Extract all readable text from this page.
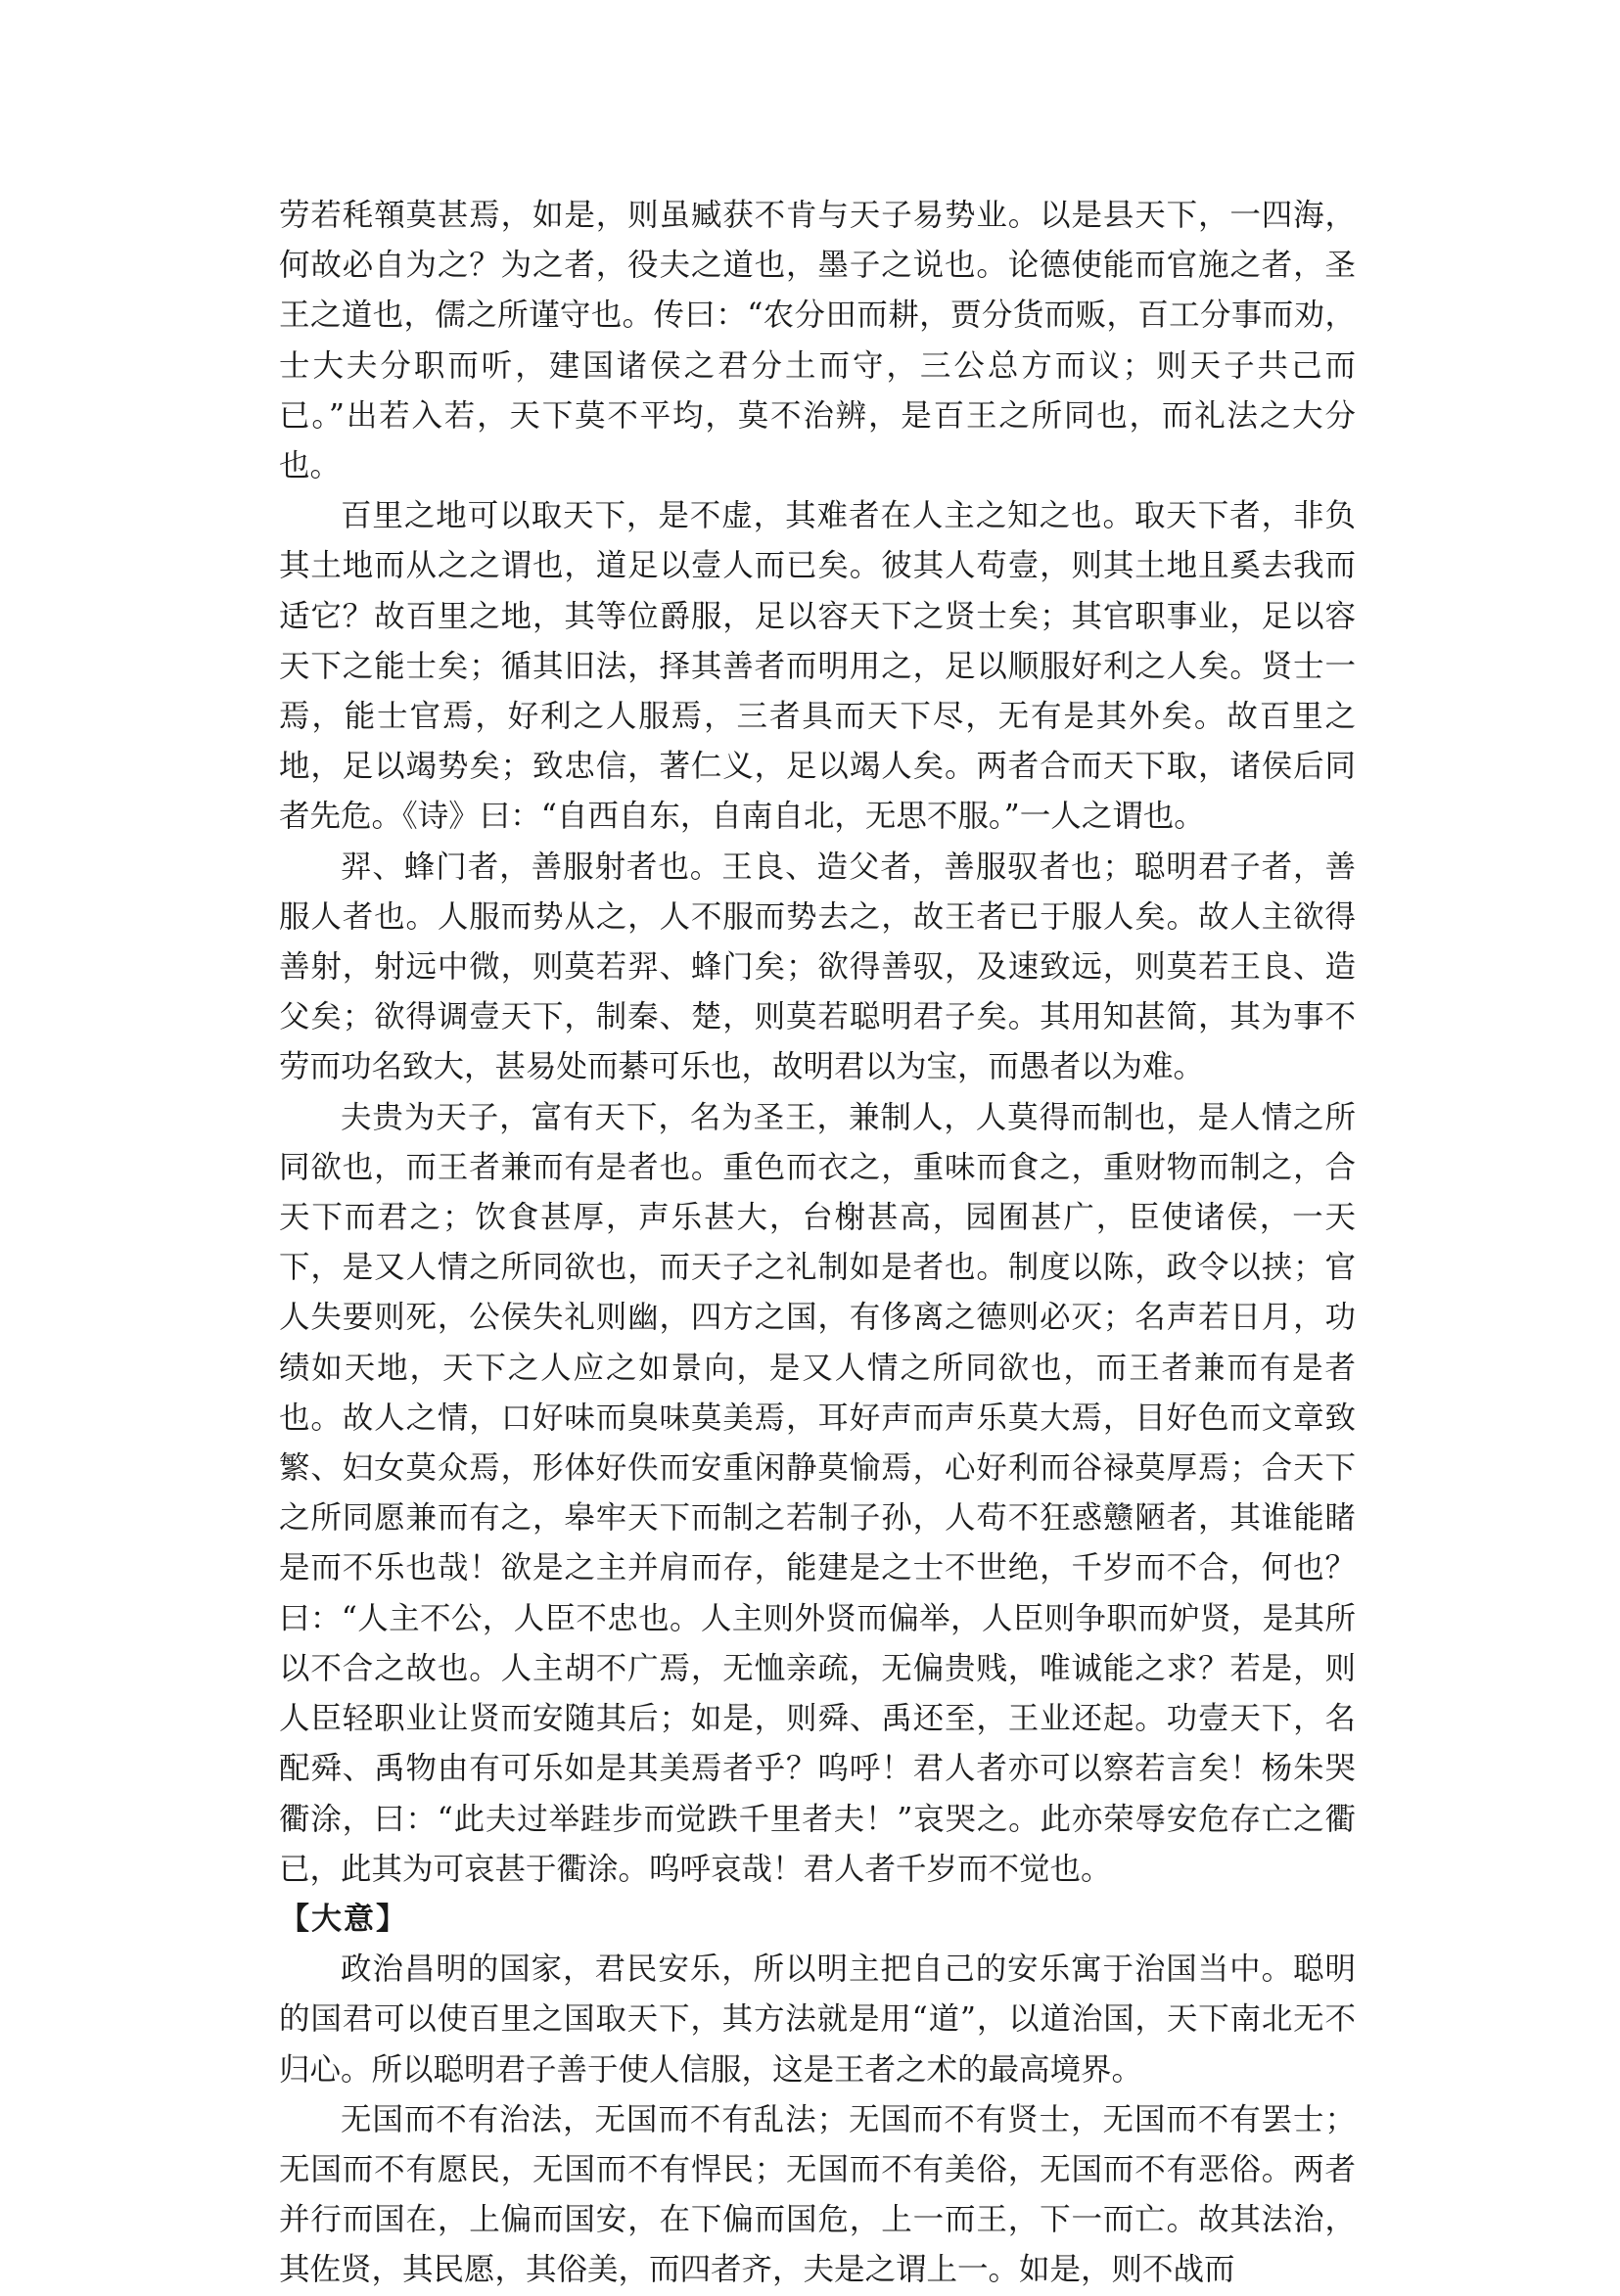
劳若秏顇莫甚焉，如是，则虽臧获不肯与天子易势业。以是县天下，一四海，何故必自为之？为之者，役夫之道也，墨子之说也。论德使能而官施之者，圣王之道也，儒之所谨守也。传曰：“农分田而耕，贾分货而贩，百工分事而劝，士大夫分职而听，建国诸侯之君分土而守，三公总方而议；则天子共己而已。”出若入若，天下莫不平均，莫不治辨，是百王之所同也，而礼法之大分也。

百里之地可以取天下，是不虚，其难者在人主之知之也。取天下者，非负其土地而从之之谓也，道足以壹人而已矣。彼其人苟壹，则其土地且奚去我而适它？故百里之地，其等位爵服，足以容天下之贤士矣；其官职事业，足以容天下之能士矣；循其旧法，择其善者而明用之，足以顺服好利之人矣。贤士一焉，能士官焉，好利之人服焉，三者具而天下尽，无有是其外矣。故百里之地，足以竭势矣；致忠信，著仁义，足以竭人矣。两者合而天下取，诸侯后同者先危。《诗》曰：“自西自东，自南自北，无思不服。”一人之谓也。

羿、蜂门者，善服射者也。王良、造父者，善服驭者也；聪明君子者，善服人者也。人服而势从之，人不服而势去之，故王者已于服人矣。故人主欲得善射，射远中微，则莫若羿、蜂门矣；欲得善驭，及速致远，则莫若王良、造父矣；欲得调壹天下，制秦、楚，则莫若聪明君子矣。其用知甚简，其为事不劳而功名致大，甚易处而綦可乐也，故明君以为宝，而愚者以为难。

夫贵为天子，富有天下，名为圣王，兼制人，人莫得而制也，是人情之所同欲也，而王者兼而有是者也。重色而衣之，重味而食之，重财物而制之，合天下而君之；饮食甚厚，声乐甚大，台榭甚高，园囿甚广，臣使诸侯，一天下，是又人情之所同欲也，而天子之礼制如是者也。制度以陈，政令以挟；官人失要则死，公侯失礼则幽，四方之国，有侈离之德则必灭；名声若日月，功绩如天地，天下之人应之如景向，是又人情之所同欲也，而王者兼而有是者也。故人之情，口好味而臭味莫美焉，耳好声而声乐莫大焉，目好色而文章致繁、妇女莫众焉，形体好佚而安重闲静莫愉焉，心好利而谷禄莫厚焉；合天下之所同愿兼而有之，皋牢天下而制之若制子孙，人苟不狂惑戆陋者，其谁能睹是而不乐也哉！欲是之主并肩而存，能建是之士不世绝，千岁而不合，何也？曰：“人主不公，人臣不忠也。人主则外贤而偏举，人臣则争职而妒贤，是其所以不合之故也。人主胡不广焉，无恤亲疏，无偏贵贱，唯诚能之求？若是，则人臣轻职业让贤而安随其后；如是，则舜、禹还至，王业还起。功壹天下，名配舜、禹物由有可乐如是其美焉者乎？呜呼！君人者亦可以察若言矣！杨朱哭衢涂，曰：“此夫过举跬步而觉跌千里者夫！”哀哭之。此亦荣辱安危存亡之衢已，此其为可哀甚于衢涂。呜呼哀哉！君人者千岁而不觉也。

【大意】

政治昌明的国家，君民安乐，所以明主把自己的安乐寓于治国当中。聪明的国君可以使百里之国取天下，其方法就是用“道”，以道治国，天下南北无不归心。所以聪明君子善于使人信服，这是王者之术的最高境界。

无国而不有治法，无国而不有乱法；无国而不有贤士，无国而不有罢士；无国而不有愿民，无国而不有悍民；无国而不有美俗，无国而不有恶俗。两者并行而国在，上偏而国安，在下偏而国危，上一而王，下一而亡。故其法治，其佐贤，其民愿，其俗美，而四者齐，夫是之谓上一。如是，则不战而
